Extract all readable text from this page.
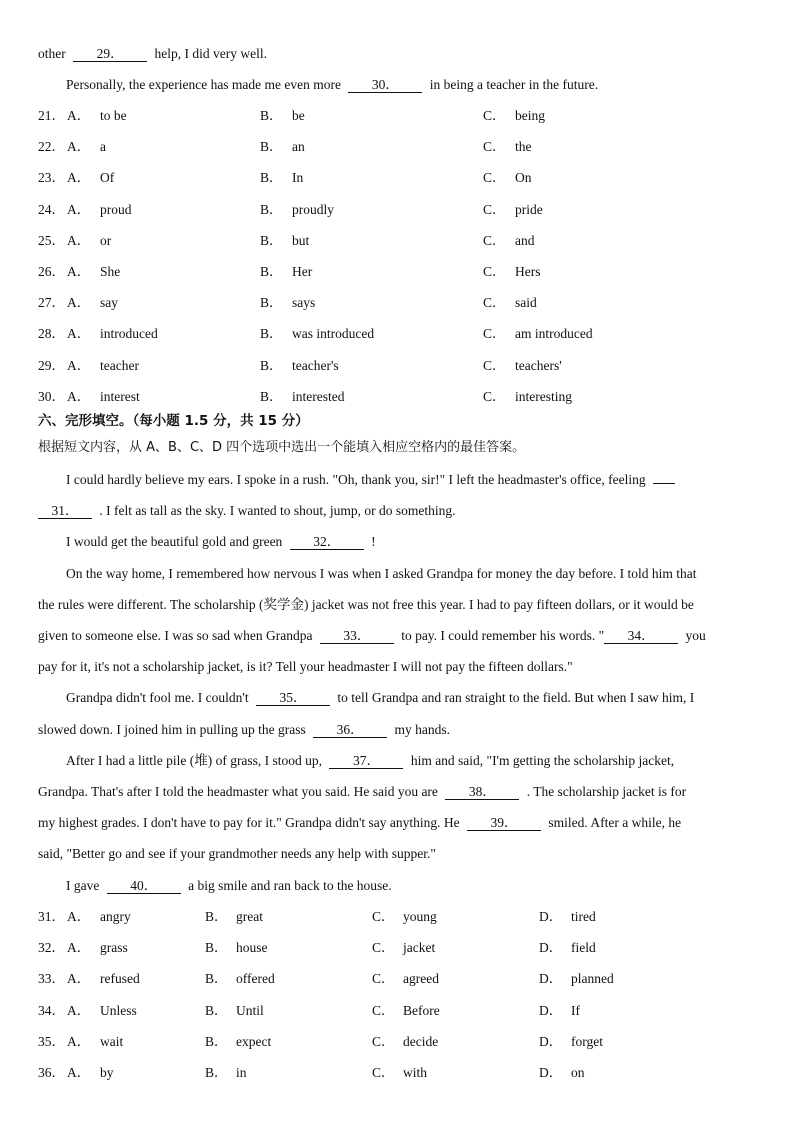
other 29． help, I did very well.
Personally, the experience has made me even more 30． in being a teacher in the future.
21． A． to be	B． be	C． being
22． A． a	B． an	C． the
23． A． Of	B． In	C． On
24． A． proud	B． proudly	C． pride
25． A． or	B． but	C． and
26． A． She	B． Her	C． Hers
27． A． say	B． says	C． said
28． A． introduced	B． was introduced	C． am introduced
29． A． teacher	B． teacher's	C． teachers'
30． A． interest	B． interested	C． interesting
六、完形填空。（每小题 1.5 分，共 15 分）
根据短文内容，从 A、B、C、D 四个选项中选出一个能填入相应空格内的最佳答案。
I could hardly believe my ears. I spoke in a rush. "Oh, thank you, sir!" I left the headmaster's office, feeling
31． . I felt as tall as the sky. I wanted to shout, jump, or do something.
I would get the beautiful gold and green 32． !
On the way home, I remembered how nervous I was when I asked Grandpa for money the day before. I told him that
the rules were different. The scholarship (奖学金) jacket was not free this year. I had to pay fifteen dollars, or it would be
given to someone else. I was so sad when Grandpa 33． to pay. I could remember his words. " 34． you
pay for it, it's not a scholarship jacket, is it? Tell your headmaster I will not pay the fifteen dollars."
Grandpa didn't fool me. I couldn't 35． to tell Grandpa and ran straight to the field. But when I saw him, I
slowed down. I joined him in pulling up the grass 36． my hands.
After I had a little pile (堆) of grass, I stood up, 37． him and said, "I'm getting the scholarship jacket,
Grandpa. That's after I told the headmaster what you said. He said you are 38． . The scholarship jacket is for
my highest grades. I don't have to pay for it." Grandpa didn't say anything. He 39． smiled. After a while, he
said, "Better go and see if your grandmother needs any help with supper."
I gave 40． a big smile and ran back to the house.
31． A． angry	B． great	C． young	D． tired
32． A． grass	B． house	C． jacket	D． field
33． A． refused	B． offered	C． agreed	D． planned
34． A． Unless	B． Until	C． Before	D． If
35． A． wait	B． expect	C． decide	D． forget
36． A． by	B． in	C． with	D． on
